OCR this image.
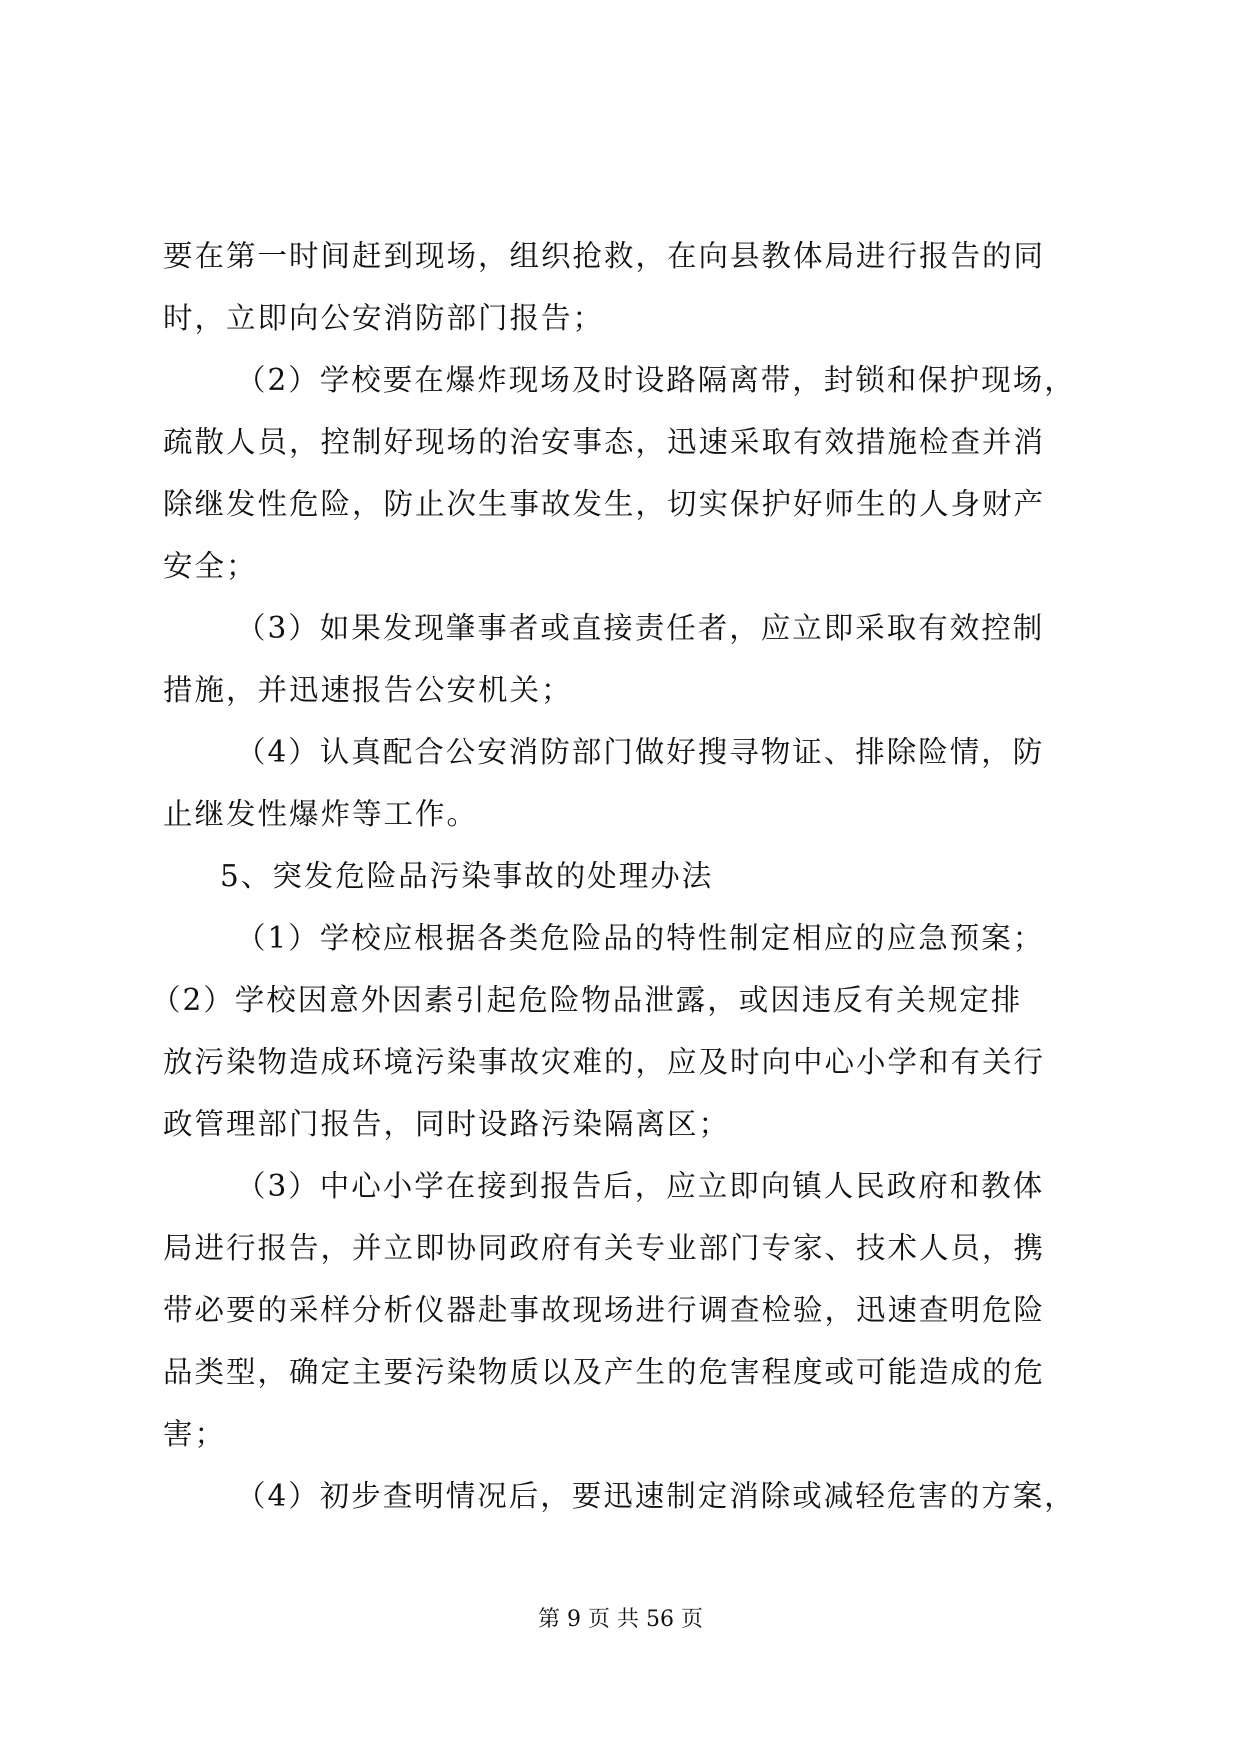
要在第一时间赶到现场，组织抢救，在向县教体局进行报告的同
时，立即向公安消防部门报告；
（2）学校要在爆炸现场及时设路隔离带，封锁和保护现场，
疏散人员，控制好现场的治安事态，迅速采取有效措施检查并消
除继发性危险，防止次生事故发生，切实保护好师生的人身财产
安全；
（3）如果发现肇事者或直接责任者，应立即采取有效控制
措施，并迅速报告公安机关；
（4）认真配合公安消防部门做好搜寻物证、排除险情，防
止继发性爆炸等工作。
5、突发危险品污染事故的处理办法
（1）学校应根据各类危险品的特性制定相应的应急预案；
（2）学校因意外因素引起危险物品泄露，或因违反有关规定排
放污染物造成环境污染事故灾难的，应及时向中心小学和有关行
政管理部门报告，同时设路污染隔离区；
（3）中心小学在接到报告后，应立即向镇人民政府和教体
局进行报告，并立即协同政府有关专业部门专家、技术人员，携
带必要的采样分析仪器赴事故现场进行调查检验，迅速查明危险
品类型，确定主要污染物质以及产生的危害程度或可能造成的危
害；
（4）初步查明情况后，要迅速制定消除或减轻危害的方案，
第 9 页 共 56 页
